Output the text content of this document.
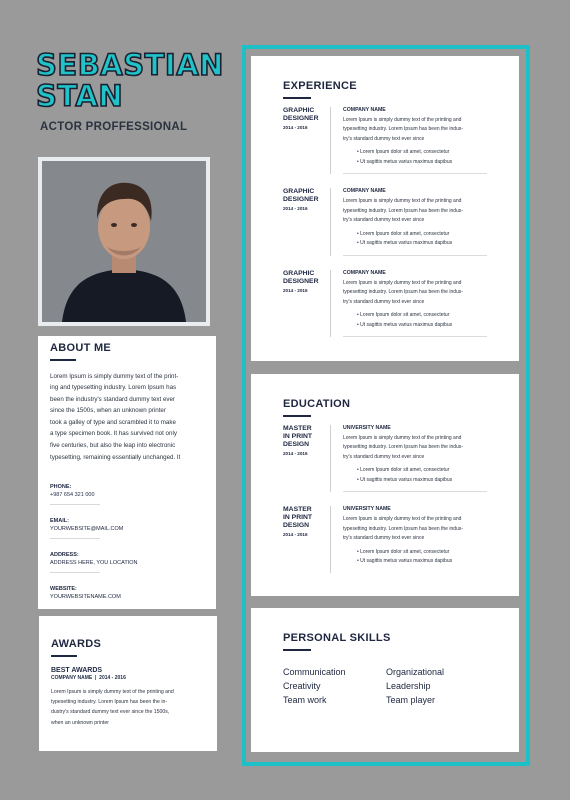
SEBASTIAN
STAN
ACTOR PROFFESSIONAL
ABOUT ME
Lorem Ipsum is simply dummy text of the print-
ing and typesetting industry. Lorem Ipsum has
been the industry's standard dummy text ever
since the 1500s, when an unknown printer
took a galley of type and scrambled it to make
a type specimen book. It has survived not only
five centuries, but also the leap into electronic
typesetting, remaining essentially unchanged. It
PHONE:
+987 654 321 000
EMAIL:
YOURWEBSITE@MAIL.COM
ADDRESS:
ADDRESS HERE, YOU LOCATION
WEBSITE:
YOURWEBSITENAME.COM
AWARDS
BEST AWARDS
COMPANY NAME  |  2014 - 2016
Lorem Ipsum is simply dummy text of the printing and
typesetting industry. Lorem Ipsum has been the in-
dustry's standard dummy text ever since the 1500s,
when an unknown printer
EXPERIENCE
GRAPHIC
DESIGNER
2014 - 2016
COMPANY NAME
Lorem Ipsum is simply dummy text of the printing and
typesetting industry. Lorem Ipsum has been the indus-
try's standard dummy text ever since
• Lorem Ipsum dolor sit amet, consectetur
• Ut sagittis metus varius maximus dapibus
GRAPHIC
DESIGNER
2014 - 2016
COMPANY NAME
Lorem Ipsum is simply dummy text of the printing and
typesetting industry. Lorem Ipsum has been the indus-
try's standard dummy text ever since
• Lorem Ipsum dolor sit amet, consectetur
• Ut sagittis metus varius maximus dapibus
GRAPHIC
DESIGNER
2014 - 2016
COMPANY NAME
Lorem Ipsum is simply dummy text of the printing and
typesetting industry. Lorem Ipsum has been the indus-
try's standard dummy text ever since
• Lorem Ipsum dolor sit amet, consectetur
• Ut sagittis metus varius maximus dapibus
EDUCATION
MASTER
IN PRINT
DESIGN
2014 - 2016
UNIVERSITY NAME
Lorem Ipsum is simply dummy text of the printing and
typesetting industry. Lorem Ipsum has been the indus-
try's standard dummy text ever since
• Lorem Ipsum dolor sit amet, consectetur
• Ut sagittis metus varius maximus dapibus
MASTER
IN PRINT
DESIGN
2014 - 2016
UNIVERSITY NAME
Lorem Ipsum is simply dummy text of the printing and
typesetting industry. Lorem Ipsum has been the indus-
try's standard dummy text ever since
• Lorem Ipsum dolor sit amet, consectetur
• Ut sagittis metus varius maximus dapibus
PERSONAL SKILLS
Communication	Organizational
Creativity	Leadership
Team work	Team player
